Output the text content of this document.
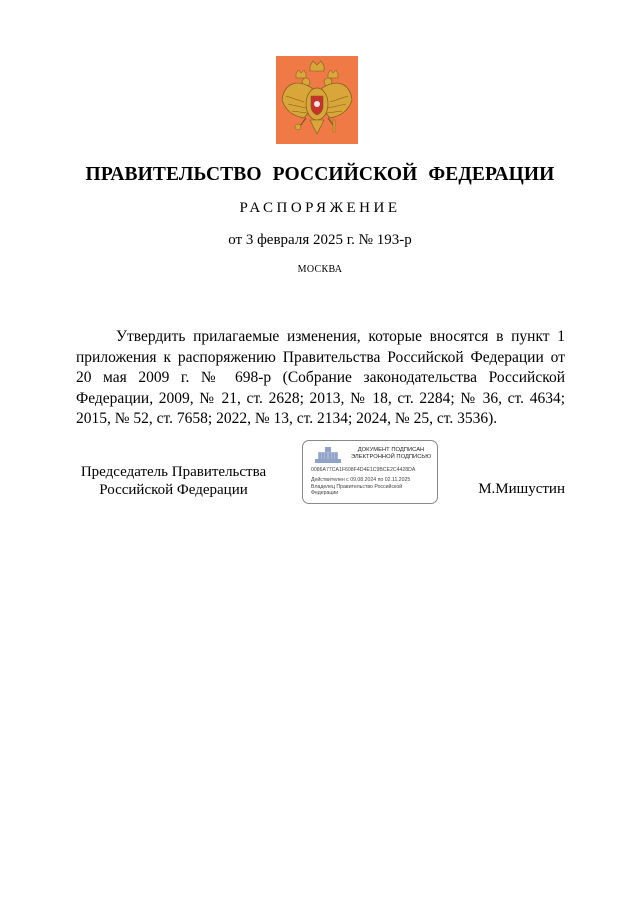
ПРАВИТЕЛЬСТВО РОССИЙСКОЙ ФЕДЕРАЦИИ
РАСПОРЯЖЕНИЕ
от 3 февраля 2025 г. № 193-р
МОСКВА

Утвердить прилагаемые изменения, которые вносятся в пункт 1 приложения к распоряжению Правительства Российской Федерации от 20 мая 2009 г. № 698-р (Собрание законодательства Российской Федерации, 2009, № 21, ст. 2628; 2013, № 18, ст. 2284; № 36, ст. 4634; 2015, № 52, ст. 7658; 2022, № 13, ст. 2134; 2024, № 25, ст. 3536).

Председатель Правительства
Российской Федерации
ДОКУМЕНТ ПОДПИСАН
ЭЛЕКТРОННОЙ ПОДПИСЬЮ
0086A77CA1F608F4D4E1C9BCE2C4428DA
Действителен с 09.08.2024 по 02.11.2025
Владелец Правительство Российской
Федерации	М.Мишустин
